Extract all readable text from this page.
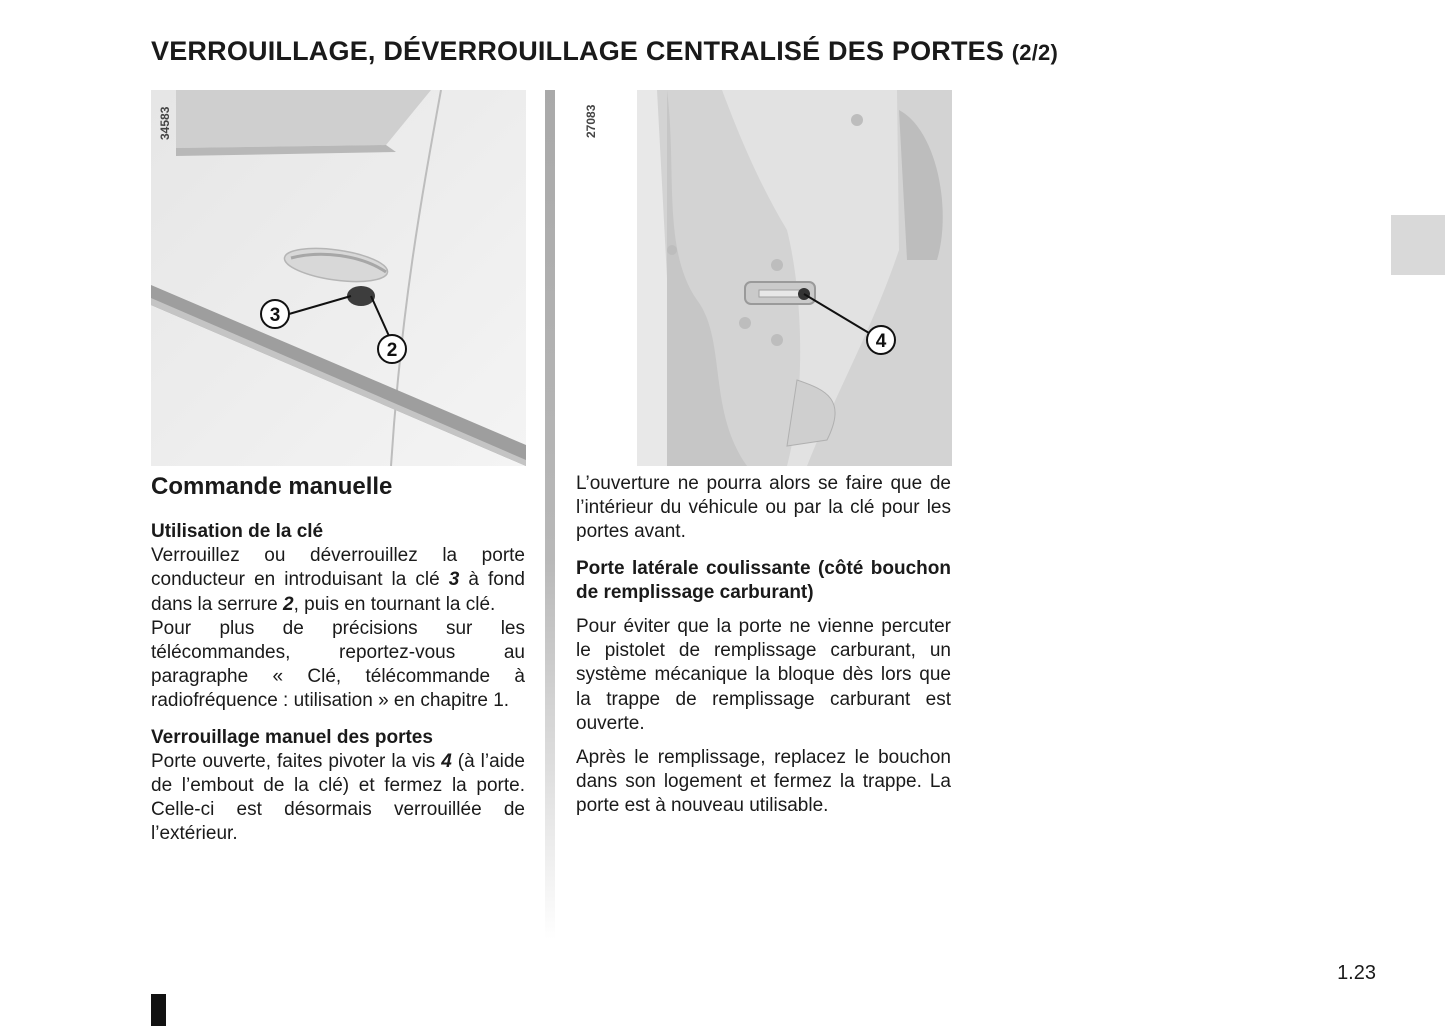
VERROUILLAGE, DÉVERROUILLAGE CENTRALISÉ DES PORTES (2/2)
3
2
34583
4
27083
Commande manuelle

Utilisation de la clé

Verrouillez ou déverrouillez la porte conducteur en introduisant la clé 3 à fond dans la serrure 2, puis en tournant la clé.

Pour plus de précisions sur les télécommandes, reportez-vous au paragraphe « Clé, télécommande à radiofréquence : utilisation » en chapitre 1.

Verrouillage manuel des portes

Porte ouverte, faites pivoter la vis 4 (à l’aide de l’embout de la clé) et fermez la porte. Celle-ci est désormais verrouillée de l’extérieur.

L’ouverture ne pourra alors se faire que de l’intérieur du véhicule ou par la clé pour les portes avant.

Porte latérale coulissante (côté bouchon de remplissage carburant)

Pour éviter que la porte ne vienne percuter le pistolet de remplissage carburant, un système mécanique la bloque dès lors que la trappe de remplissage carburant est ouverte.

Après le remplissage, replacez le bouchon dans son logement et fermez la trappe. La porte est à nouveau utilisable.

1.23
